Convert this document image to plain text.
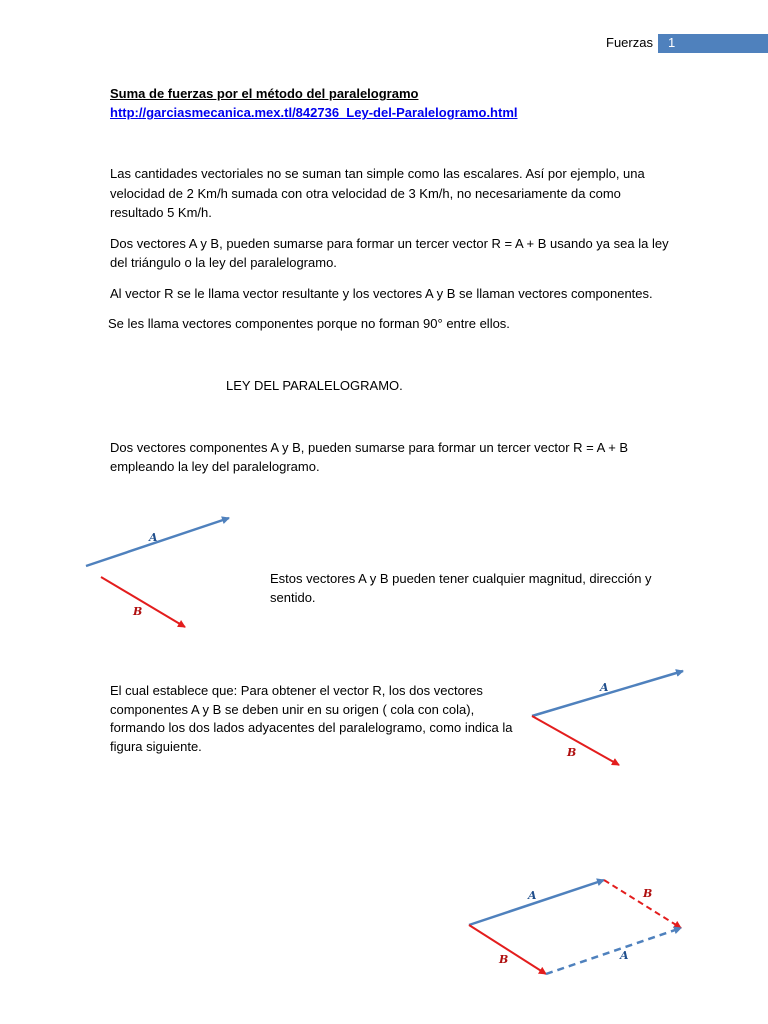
Fuerzas 1
Suma de fuerzas por el método del paralelogramo
http://garciasmecanica.mex.tl/842736_Ley-del-Paralelogramo.html
Las cantidades vectoriales no se suman tan simple como las escalares. Así por ejemplo, una
velocidad de 2 Km/h sumada con otra velocidad de 3 Km/h, no necesariamente da como
resultado 5 Km/h.
Dos vectores A y B, pueden sumarse para formar un tercer vector R = A + B usando ya sea la ley
del triángulo o la ley del paralelogramo.
Al vector R se le llama vector resultante y los vectores A y B se llaman vectores componentes.
Se les llama vectores componentes porque no forman 90° entre ellos.
LEY DEL PARALELOGRAMO.
Dos vectores componentes A y B, pueden sumarse para formar un tercer vector R = A + B
empleando la ley del paralelogramo.
A
B
Estos vectores A y B pueden tener cualquier magnitud, dirección y
sentido.
El cual establece que: Para obtener el vector R, los dos vectores
componentes A y B se deben unir en su origen ( cola con cola),
formando los dos lados adyacentes del paralelogramo, como indica la
figura siguiente.
A
B
A
B
B
A
